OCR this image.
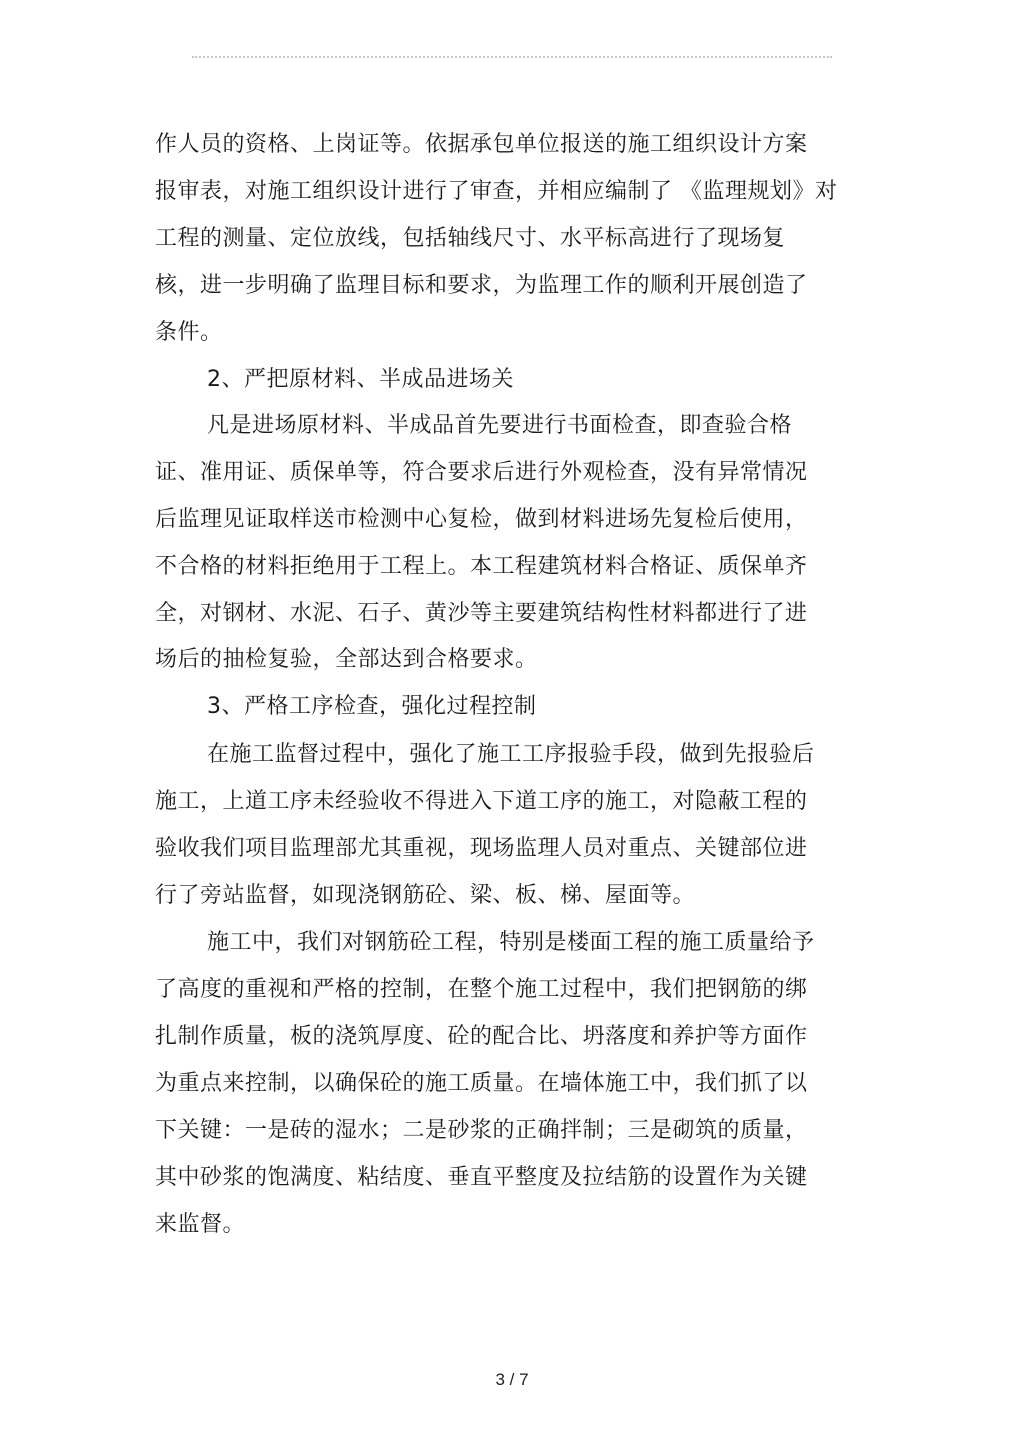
作人员的资格、上岗证等。依据承包单位报送的施工组织设计方案
报审表，对施工组织设计进行了审查，并相应编制了 《监理规划》对
工程的测量、定位放线，包括轴线尺寸、水平标高进行了现场复
核，进一步明确了监理目标和要求，为监理工作的顺利开展创造了
条件。
2、严把原材料、半成品进场关
凡是进场原材料、半成品首先要进行书面检查，即查验合格
证、准用证、质保单等，符合要求后进行外观检查，没有异常情况
后监理见证取样送市检测中心复检，做到材料进场先复检后使用，
不合格的材料拒绝用于工程上。本工程建筑材料合格证、质保单齐
全，对钢材、水泥、石子、黄沙等主要建筑结构性材料都进行了进
场后的抽检复验，全部达到合格要求。
3、严格工序检查，强化过程控制
在施工监督过程中，强化了施工工序报验手段，做到先报验后
施工，上道工序未经验收不得进入下道工序的施工，对隐蔽工程的
验收我们项目监理部尤其重视，现场监理人员对重点、关键部位进
行了旁站监督，如现浇钢筋砼、梁、板、梯、屋面等。
施工中，我们对钢筋砼工程，特别是楼面工程的施工质量给予
了高度的重视和严格的控制，在整个施工过程中，我们把钢筋的绑
扎制作质量，板的浇筑厚度、砼的配合比、坍落度和养护等方面作
为重点来控制，以确保砼的施工质量。在墙体施工中，我们抓了以
下关键：一是砖的湿水；二是砂浆的正确拌制；三是砌筑的质量，
其中砂浆的饱满度、粘结度、垂直平整度及拉结筋的设置作为关键
来监督。
3 / 7
